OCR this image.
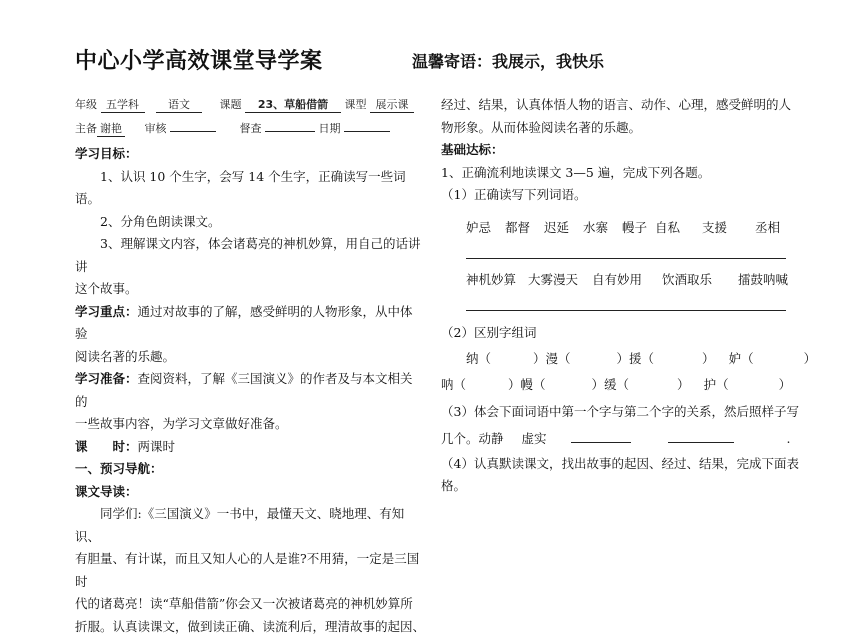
中心小学高效课堂导学案	温馨寄语：我展示，我快乐
年级 五学科	语文	课题 23、草船借箭 课型 展示课
主备 谢艳 审核	督查	日期

学习目标：

1、认识 10 个生字，会写 14 个生字，正确读写一些词语。

2、分角色朗读课文。

3、理解课文内容，体会诸葛亮的神机妙算，用自己的话讲讲

这个故事。

学习重点：通过对故事的了解，感受鲜明的人物形象，从中体验

阅读名著的乐趣。

学习准备：查阅资料，了解《三国演义》的作者及与本文相关的

一些故事内容，为学习文章做好准备。

课　　时：两课时

一、预习导航：

课文导读：

同学们:《三国演义》一书中，最懂天文、晓地理、有知识、

有胆量、有计谋，而且又知人心的人是谁?不用猜，一定是三国时

代的诸葛亮！读“草船借箭”你会又一次被诸葛亮的神机妙算所

折服。认真读课文，做到读正确、读流利后，理清故事的起因、

经过、结果，认真体悟人物的语言、动作、心理，感受鲜明的人

物形象。从而体验阅读名著的乐趣。

基础达标：

1、正确流利地读课文 3—5 遍，完成下列各题。

（1）正确读写下列词语。

妒忌 都督 迟延 水寨 幔子 自私 支援 丞相
神机妙算 大雾漫天 自有妙用 饮酒取乐 擂鼓呐喊
（2）区别字组词
纳（	）漫（	）援（	） 妒（	）
呐（	）幔（	）缓（	） 护（	）
（3）体会下面词语中第一个字与第二个字的关系，然后照样子写
几个。动静 虚实	.
（4）认真默读课文，找出故事的起因、经过、结果，完成下面表
格。
